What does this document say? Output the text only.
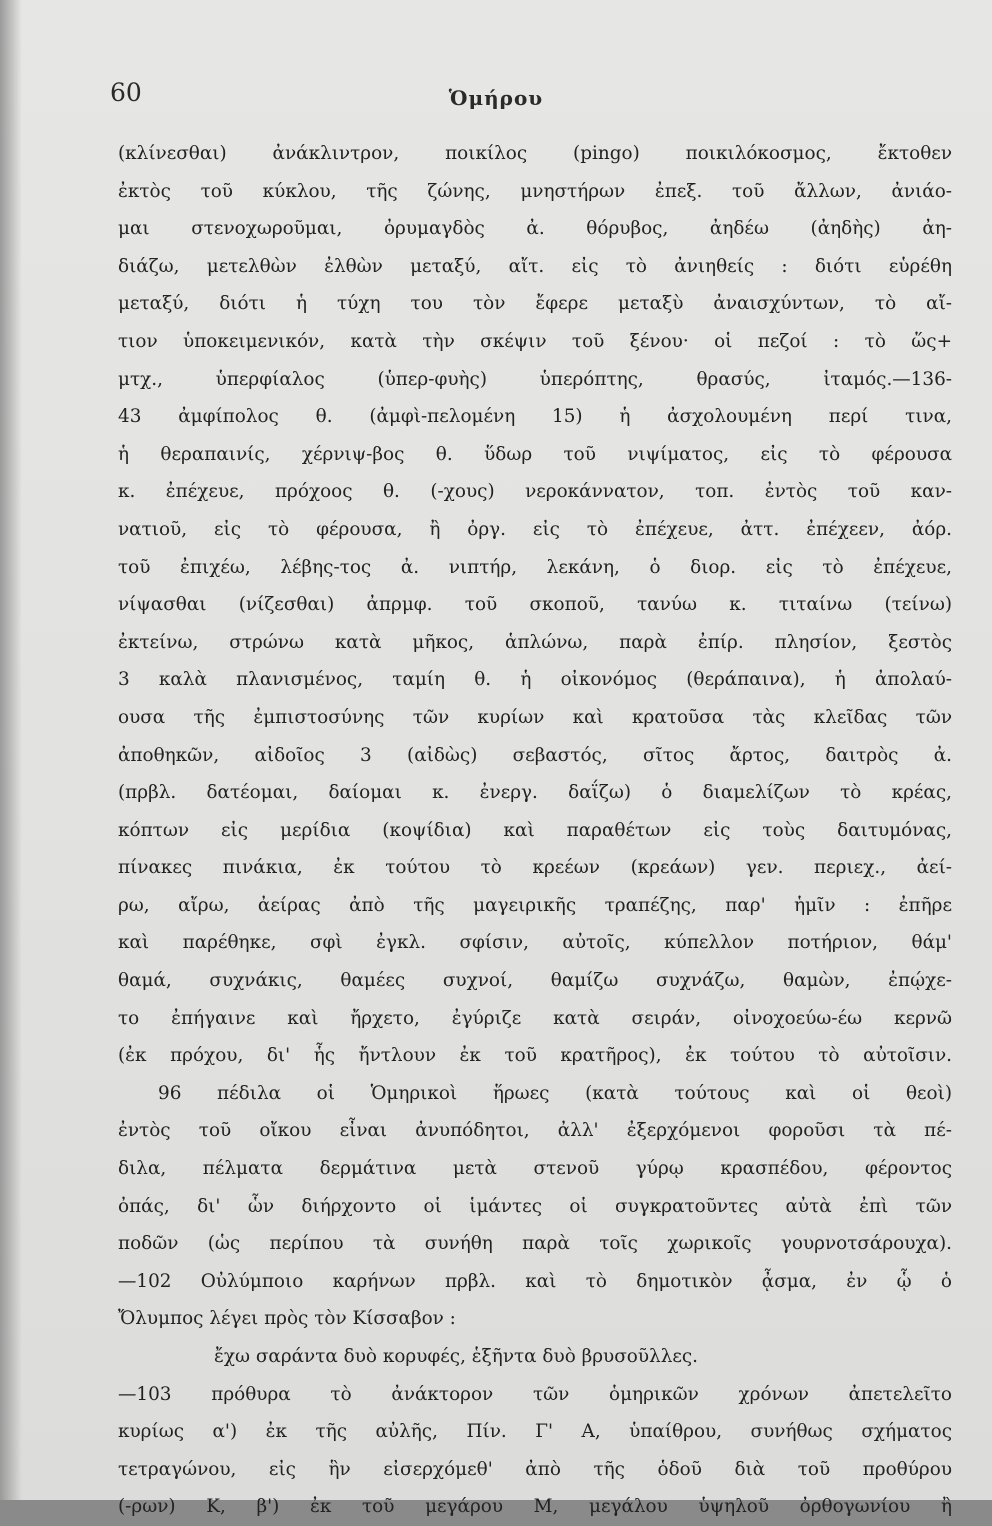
60	Ὁμήρου
(κλίνεσθαι) ἀνάκλιντρον, ποικίλος (pingo) ποικιλόκοσμος, ἔκτοθεν
ἐκτὸς τοῦ κύκλου, τῆς ζώνης, μνηστήρων ἐπεξ. τοῦ ἄλλων, ἀνιάο-
μαι στενοχωροῦμαι, ὀρυμαγδὸς ἀ. θόρυβος, ἀηδέω (ἀηδὴς) ἀη-
διάζω, μετελθὼν ἐλθὼν μεταξύ, αἴτ. εἰς τὸ ἀνιηθείς : διότι εὑρέθη
μεταξύ, διότι ἡ τύχη του τὸν ἔφερε μεταξὺ ἀναισχύντων, τὸ αἴ-
τιον ὑποκειμενικόν, κατὰ τὴν σκέψιν τοῦ ξένου· οἱ πεζοί : τὸ ὥς+
μτχ., ὑπερφίαλος (ὑπερ-φυὴς) ὑπερόπτης, θρασύς, ἰταμός.—136-
43 ἀμφίπολος θ. (ἀμφὶ-πελομένη 15) ἡ ἀσχολουμένη περί τινα,
ἡ θεραπαινίς, χέρνιψ-βος θ. ὕδωρ τοῦ νιψίματος, εἰς τὸ φέρουσα
κ. ἐπέχευε, πρόχοος θ. (-χους) νεροκάννατον, τοπ. ἐντὸς τοῦ καν-
νατιοῦ, εἰς τὸ φέρουσα, ἢ ὀργ. εἰς τὸ ἐπέχευε, ἀττ. ἐπέχεεν, ἀόρ.
τοῦ ἐπιχέω, λέβης-τος ἀ. νιπτήρ, λεκάνη, ὁ διορ. εἰς τὸ ἐπέχευε,
νίψασθαι (νίζεσθαι) ἀπρμφ. τοῦ σκοποῦ, τανύω κ. τιταίνω (τείνω)
ἐκτείνω, στρώνω κατὰ μῆκος, ἁπλώνω, παρὰ ἐπίρ. πλησίον, ξεστὸς
3 καλὰ πλανισμένος, ταμίη θ. ἡ οἰκονόμος (θεράπαινα), ἡ ἀπολαύ-
ουσα τῆς ἐμπιστοσύνης τῶν κυρίων καὶ κρατοῦσα τὰς κλεῖδας τῶν
ἀποθηκῶν, αἰδοῖος 3 (αἰδὼς) σεβαστός, σῖτος ἄρτος, δαιτρὸς ἀ.
(πρβλ. δατέομαι, δαίομαι κ. ἐνεργ. δαΐζω) ὁ διαμελίζων τὸ κρέας,
κόπτων εἰς μερίδια (κοψίδια) καὶ παραθέτων εἰς τοὺς δαιτυμόνας,
πίνακες πινάκια, ἐκ τούτου τὸ κρεέων (κρεάων) γεν. περιεχ., ἀεί-
ρω, αἴρω, ἀείρας ἀπὸ τῆς μαγειρικῆς τραπέζης, παρ' ἡμῖν : ἐπῆρε
καὶ παρέθηκε, σφὶ ἐγκλ. σφίσιν, αὐτοῖς, κύπελλον ποτήριον, θάμ'
θαμά, συχνάκις, θαμέες συχνοί, θαμίζω συχνάζω, θαμὼν, ἐπῴχε-
το ἐπήγαινε καὶ ἤρχετο, ἐγύριζε κατὰ σειράν, οἰνοχοεύω-έω κερνῶ
(ἐκ πρόχου, δι' ἧς ἤντλουν ἐκ τοῦ κρατῆρος), ἐκ τούτου τὸ αὐτοῖσιν.
96 πέδιλα οἱ Ὁμηρικοὶ ἥρωες (κατὰ τούτους καὶ οἱ θεοὶ)
ἐντὸς τοῦ οἴκου εἶναι ἀνυπόδητοι, ἀλλ' ἐξερχόμενοι φοροῦσι τὰ πέ-
διλα, πέλματα δερμάτινα μετὰ στενοῦ γύρῳ κρασπέδου, φέροντος
ὀπάς, δι' ὧν διήρχοντο οἱ ἱμάντες οἱ συγκρατοῦντες αὐτὰ ἐπὶ τῶν
ποδῶν (ὡς περίπου τὰ συνήθη παρὰ τοῖς χωρικοῖς γουρνοτσάρουχα).
—102 Οὐλύμποιο καρήνων πρβλ. καὶ τὸ δημοτικὸν ᾆσμα, ἐν ᾧ ὁ
Ὄλυμπος λέγει πρὸς τὸν Κίσσαβον :
ἔχω σαράντα δυὸ κορυφές, ἑξῆντα δυὸ βρυσοῦλλες.
—103 πρόθυρα τὸ ἀνάκτορον τῶν ὁμηρικῶν χρόνων ἀπετελεῖτο
κυρίως α') ἐκ τῆς αὐλῆς, Πίν. Γ' Α, ὑπαίθρου, συνήθως σχήματος
τετραγώνου, εἰς ἣν εἰσερχόμεθ' ἀπὸ τῆς ὁδοῦ διὰ τοῦ προθύρου
(-ρων) Κ, β') ἐκ τοῦ μεγάρου Μ, μεγάλου ὑψηλοῦ ὀρθογωνίου ἢ
